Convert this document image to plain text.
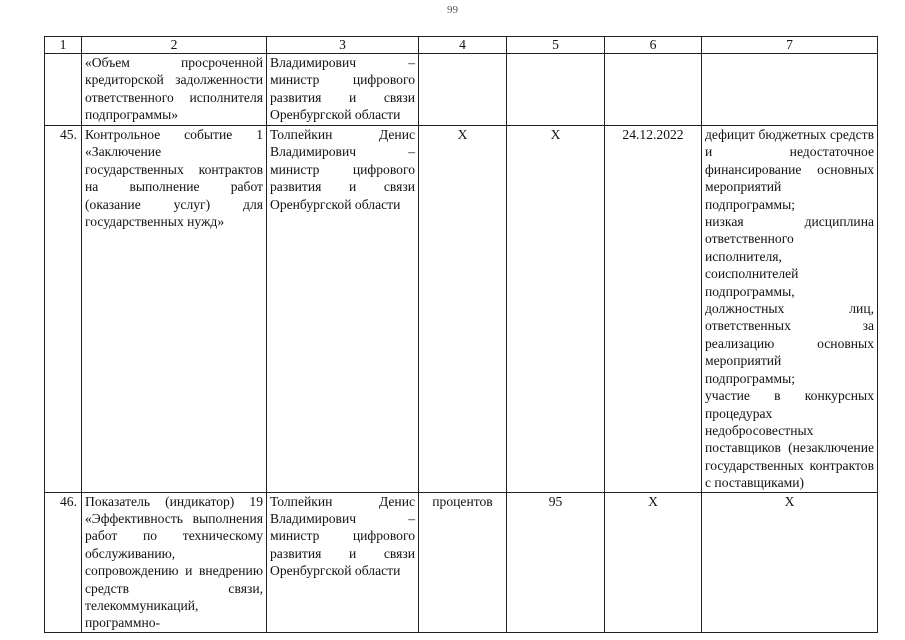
99
1	2	3	4	5	6	7
	«Объем просроченной кредиторской задолженности ответственного исполнителя подпрограммы»	Владимирович – министр цифрового развития и связи Оренбургской области				
45.	Контрольное событие 1 «Заключение государственных контрактов на выполнение работ (оказание услуг) для государственных нужд»	Толпейкин Денис Владимирович – министр цифрового развития и связи Оренбургской области	X	X	24.12.2022	дефицит бюджетных средств и недостаточное финансирование основных мероприятий подпрограммы;
низкая дисциплина ответственного исполнителя, соисполнителей подпрограммы, должностных лиц, ответственных за реализацию основных мероприятий подпрограммы;
участие в конкурсных процедурах недобросовестных поставщиков (незаключение государственных контрактов с поставщиками)
46.	Показатель (индикатор) 19 «Эффективность выполнения работ по техническому обслуживанию, сопровождению и внедрению средств связи, телекоммуникаций, программно-	Толпейкин Денис Владимирович – министр цифрового развития и связи Оренбургской области	процентов	95	X	X
